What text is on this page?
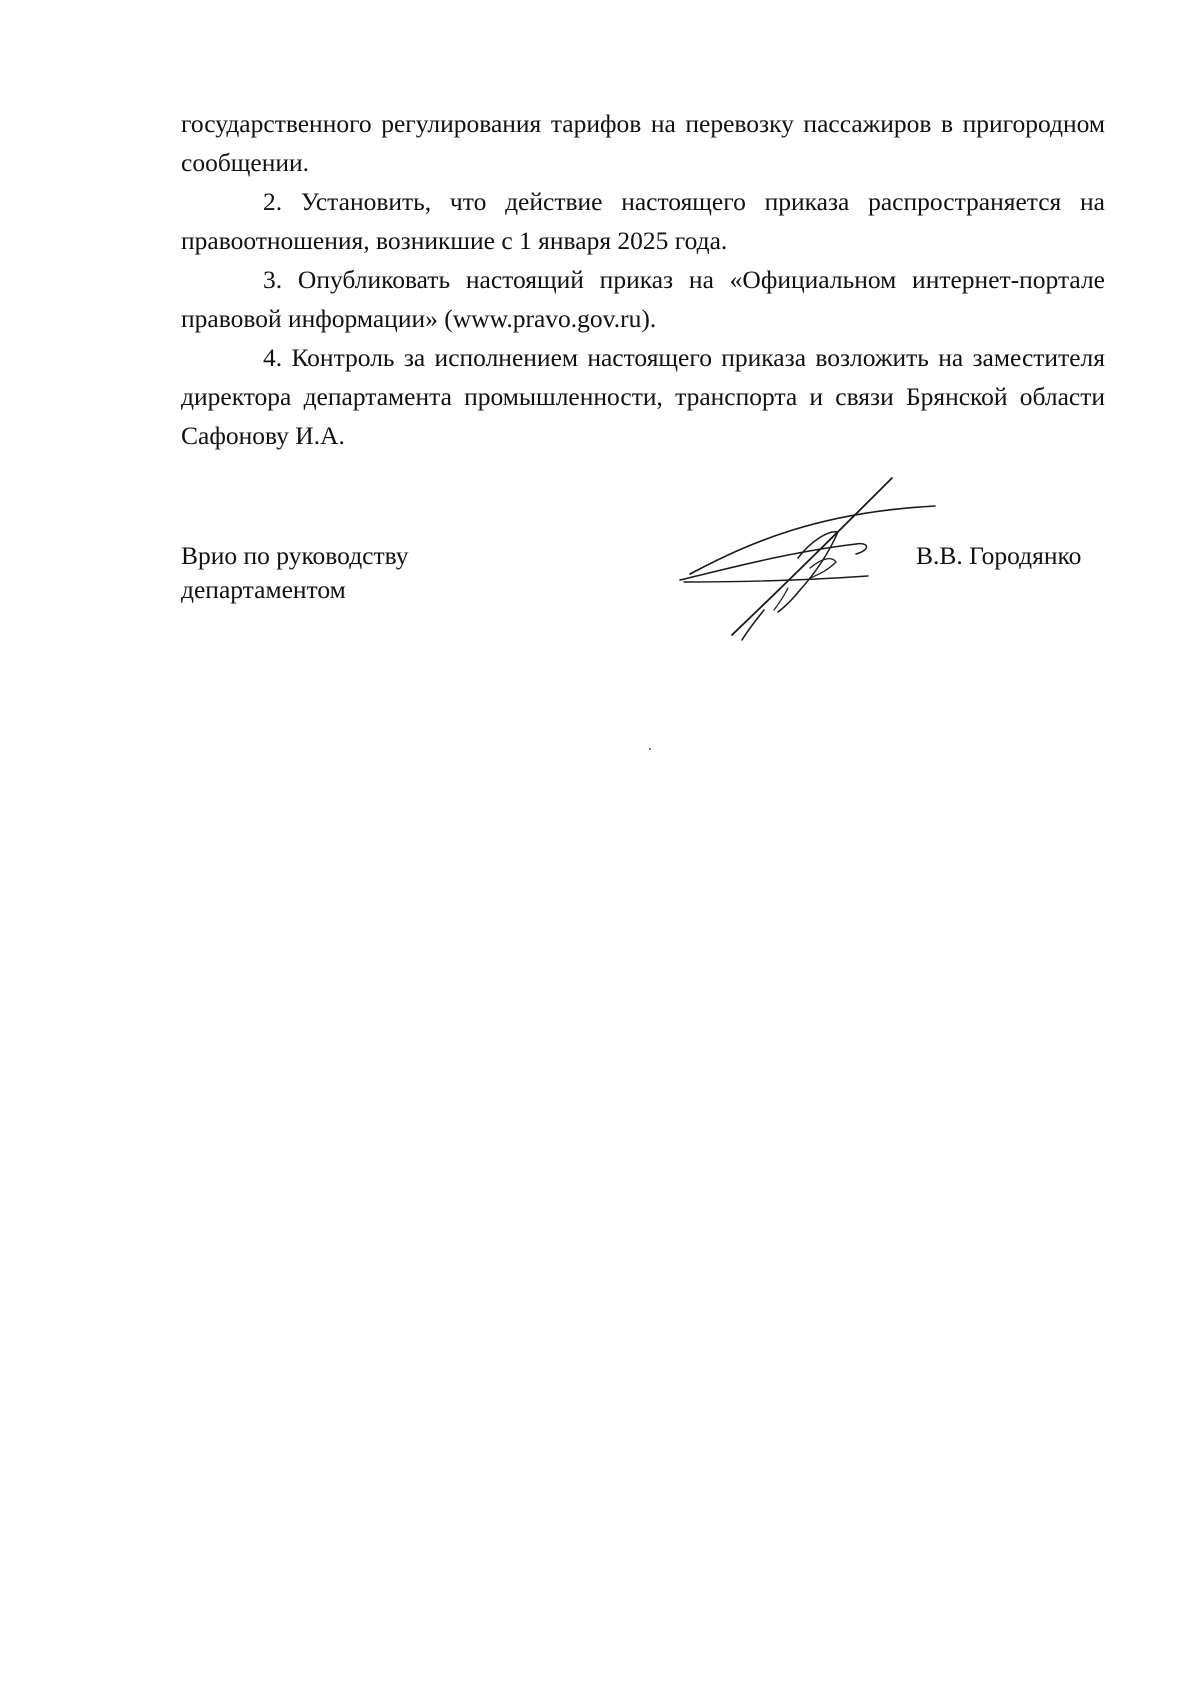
государственного регулирования тарифов на перевозку пассажиров в пригородном сообщении.

2. Установить, что действие настоящего приказа распространяется на правоотношения, возникшие с 1 января 2025 года.

3. Опубликовать настоящий приказ на «Официальном интернет-портале правовой информации» (www.pravo.gov.ru).

4. Контроль за исполнением настоящего приказа возложить на заместителя директора департамента промышленности, транспорта и связи Брянской области Сафонову И.А.

Врио по руководству
департаментом
В.В. Городянко
